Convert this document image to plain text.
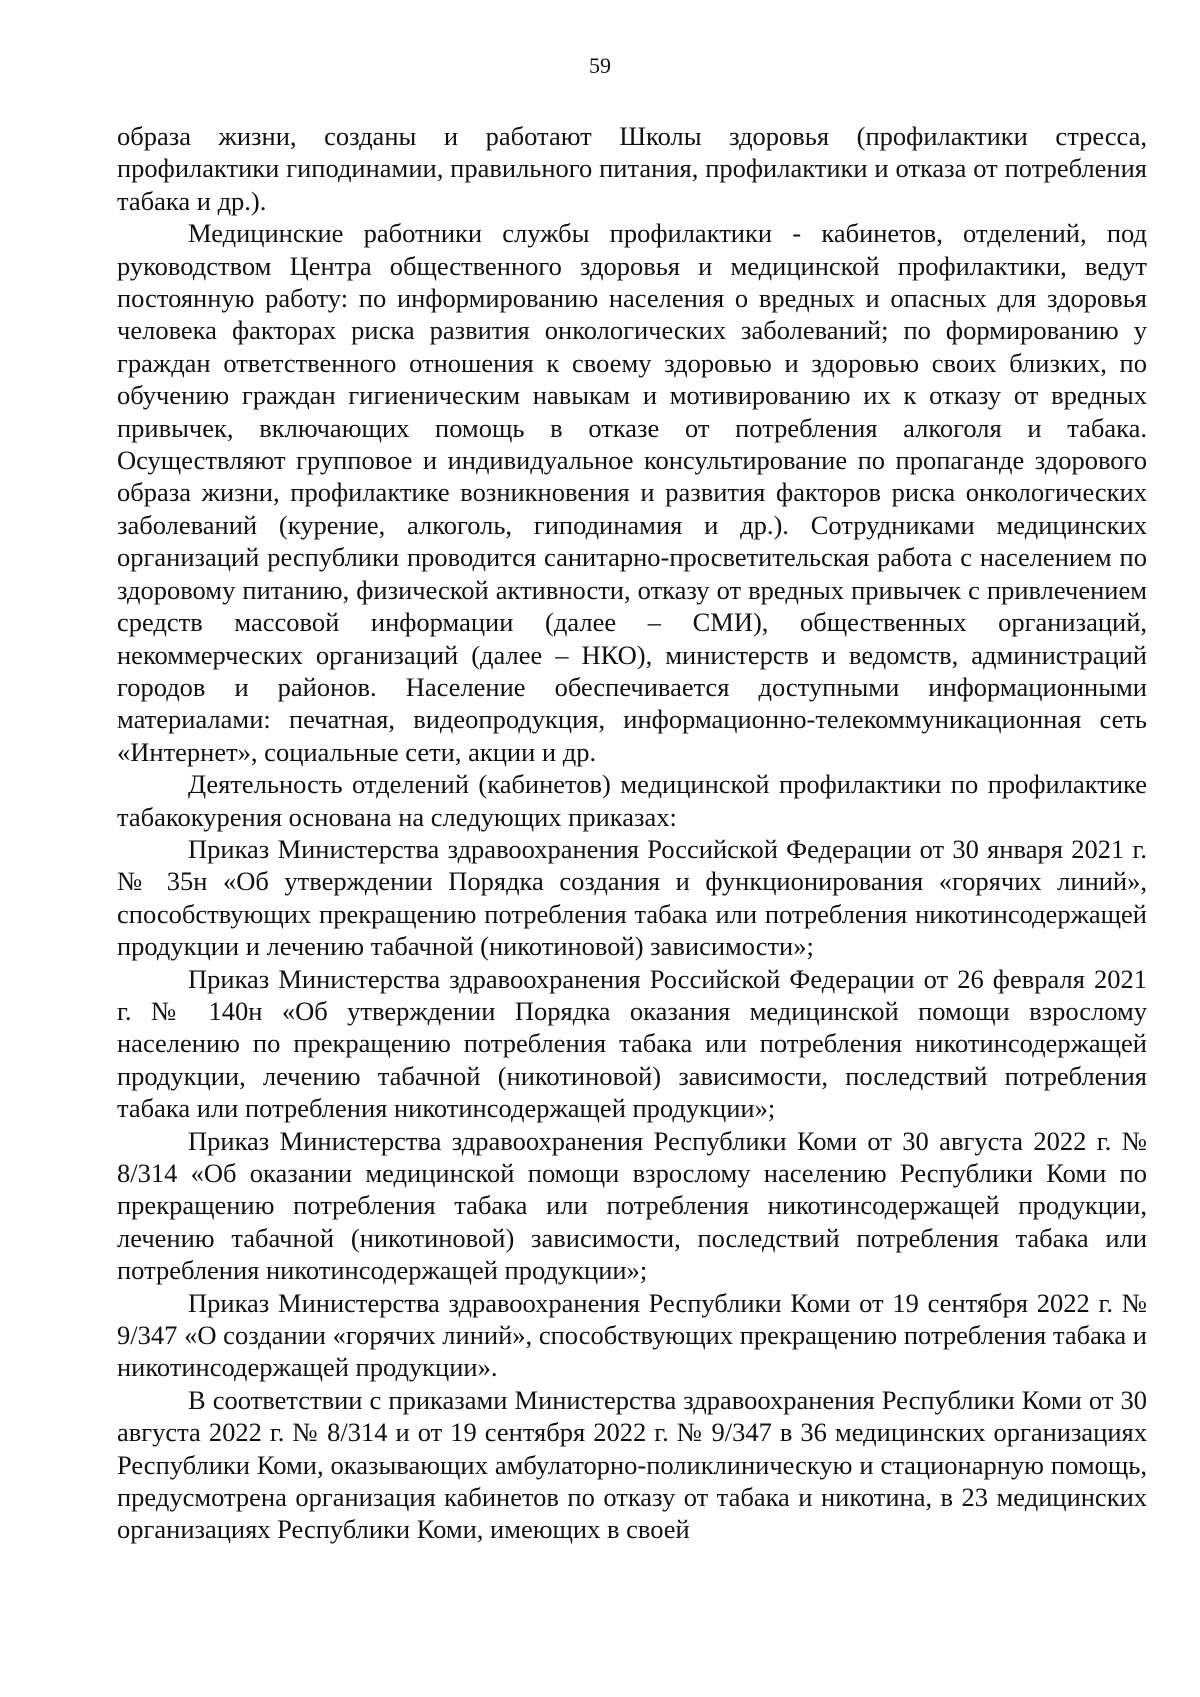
59

образа жизни, созданы и работают Школы здоровья (профилактики стресса, профилактики гиподинамии, правильного питания, профилактики и отказа от потребления табака и др.).

Медицинские работники службы профилактики - кабинетов, отделений, под руководством Центра общественного здоровья и медицинской профилактики, ведут постоянную работу: по информированию населения о вредных и опасных для здоровья человека факторах риска развития онкологических заболеваний; по формированию у граждан ответственного отношения к своему здоровью и здоровью своих близких, по обучению граждан гигиеническим навыкам и мотивированию их к отказу от вредных привычек, включающих помощь в отказе от потребления алкоголя и табака. Осуществляют групповое и индивидуальное консультирование по пропаганде здорового образа жизни, профилактике возникновения и развития факторов риска онкологических заболеваний (курение, алкоголь, гиподинамия и др.). Сотрудниками медицинских организаций республики проводится санитарно-просветительская работа с населением по здоровому питанию, физической активности, отказу от вредных привычек с привлечением средств массовой информации (далее – СМИ), общественных организаций, некоммерческих организаций (далее – НКО), министерств и ведомств, администраций городов и районов. Население обеспечивается доступными информационными материалами: печатная, видеопродукция, информационно-телекоммуникационная сеть «Интернет», социальные сети, акции и др.

Деятельность отделений (кабинетов) медицинской профилактики по профилактике табакокурения основана на следующих приказах:

Приказ Министерства здравоохранения Российской Федерации от 30 января 2021 г. № 35н «Об утверждении Порядка создания и функционирования «горячих линий», способствующих прекращению потребления табака или потребления никотинсодержащей продукции и лечению табачной (никотиновой) зависимости»;

Приказ Министерства здравоохранения Российской Федерации от 26 февраля 2021 г. № 140н «Об утверждении Порядка оказания медицинской помощи взрослому населению по прекращению потребления табака или потребления никотинсодержащей продукции, лечению табачной (никотиновой) зависимости, последствий потребления табака или потребления никотинсодержащей продукции»;

Приказ Министерства здравоохранения Республики Коми от 30 августа 2022 г. № 8/314 «Об оказании медицинской помощи взрослому населению Республики Коми по прекращению потребления табака или потребления никотинсодержащей продукции, лечению табачной (никотиновой) зависимости, последствий потребления табака или потребления никотинсодержащей продукции»;

Приказ Министерства здравоохранения Республики Коми от 19 сентября 2022 г. № 9/347 «О создании «горячих линий», способствующих прекращению потребления табака и никотинсодержащей продукции».

В соответствии с приказами Министерства здравоохранения Республики Коми от 30 августа 2022 г. № 8/314 и от 19 сентября 2022 г. № 9/347 в 36 медицинских организациях Республики Коми, оказывающих амбулаторно-поликлиническую и стационарную помощь, предусмотрена организация кабинетов по отказу от табака и никотина, в 23 медицинских организациях Республики Коми, имеющих в своей
